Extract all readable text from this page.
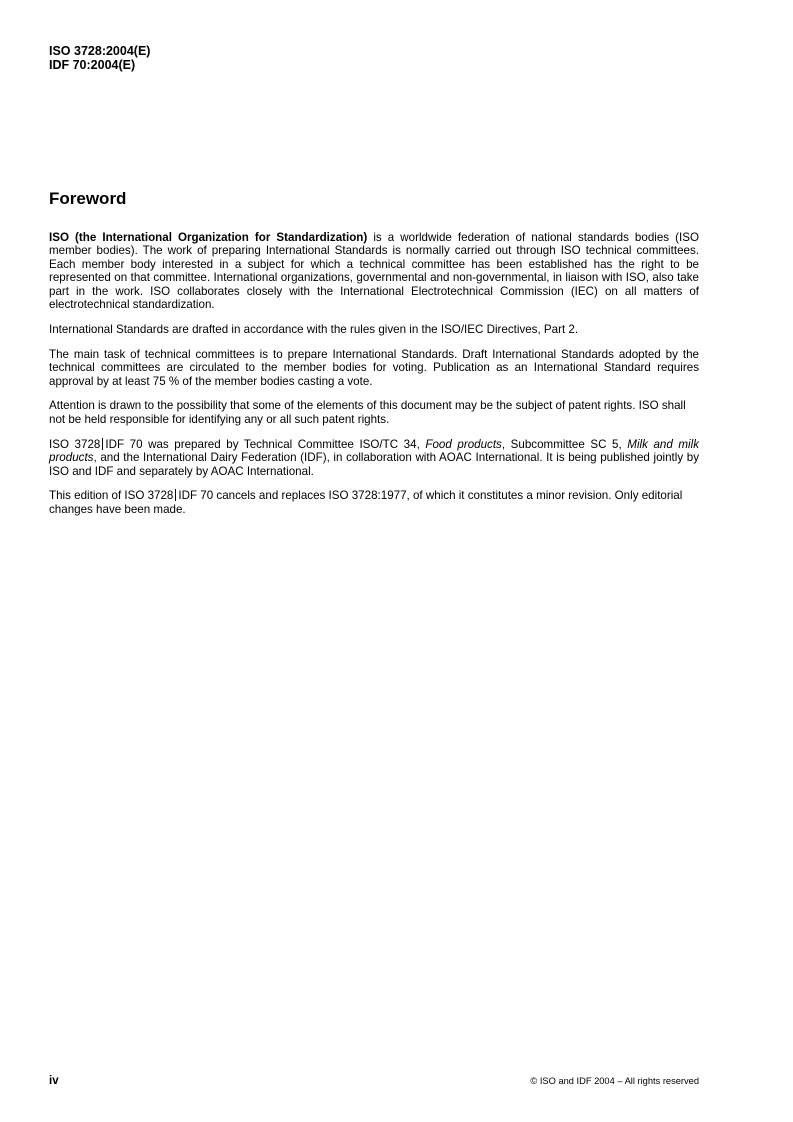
ISO 3728:2004(E)
IDF 70:2004(E)
Foreword

ISO (the International Organization for Standardization) is a worldwide federation of national standards bodies (ISO member bodies). The work of preparing International Standards is normally carried out through ISO technical committees. Each member body interested in a subject for which a technical committee has been established has the right to be represented on that committee. International organizations, governmental and non-governmental, in liaison with ISO, also take part in the work. ISO collaborates closely with the International Electrotechnical Commission (IEC) on all matters of electrotechnical standardization.

International Standards are drafted in accordance with the rules given in the ISO/IEC Directives, Part 2.

The main task of technical committees is to prepare International Standards. Draft International Standards adopted by the technical committees are circulated to the member bodies for voting. Publication as an International Standard requires approval by at least 75 % of the member bodies casting a vote.

Attention is drawn to the possibility that some of the elements of this document may be the subject of patent rights. ISO shall not be held responsible for identifying any or all such patent rights.

ISO 3728 IDF 70 was prepared by Technical Committee ISO/TC 34, Food products, Subcommittee SC 5, Milk and milk products, and the International Dairy Federation (IDF), in collaboration with AOAC International. It is being published jointly by ISO and IDF and separately by AOAC International.

This edition of ISO 3728 IDF 70 cancels and replaces ISO 3728:1977, of which it constitutes a minor revision. Only editorial changes have been made.

iv	© ISO and IDF 2004 – All rights reserved
